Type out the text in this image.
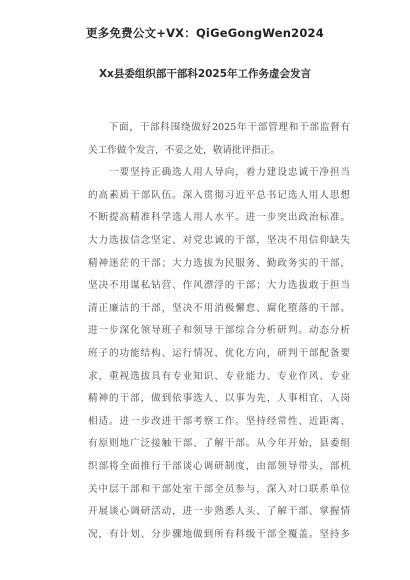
更多免费公文+VX：QiGeGongWen2024
Xx县委组织部干部科2025年工作务虚会发言
　　下面，干部科围绕做好2025年干部管理和干部监督有
关工作做个发言，不妥之处，敬请批评指正。
　　一要坚持正确选人用人导向，着力建设忠诚干净担当
的高素质干部队伍。深入贯彻习近平总书记选人用人思想
不断提高精准科学选人用人水平。进一步突出政治标准。
大力选拔信念坚定、对党忠诚的干部，坚决不用信仰缺失
精神迷茫的干部；大力选拔为民服务、勤政务实的干部，
坚决不用谋私钻营、作风漂浮的干部；大力选拔敢于担当
清正廉洁的干部，坚决不用消极懈怠、腐化堕落的干部。
进一步深化领导班子和领导干部综合分析研判。动态分析
班子的功能结构、运行情况、优化方向，研判干部配备要
求，重视选拔具有专业知识、专业能力、专业作风、专业
精神的干部，做到依事选人、以事为先，人事相宜、人岗
相适。进一步改进干部考察工作。坚持经常性、近距离、
有原则地广泛接触干部、了解干部。从今年开始，县委组
织部将全面推行干部谈心调研制度，由部领导带头，部机
关中层干部和干部处室干部全员参与，深入对口联系单位
开展谈心调研活动，进一步熟悉人头、了解干部、掌握情
况，有计划、分步骤地做到所有科级干部全覆盖。坚持多
